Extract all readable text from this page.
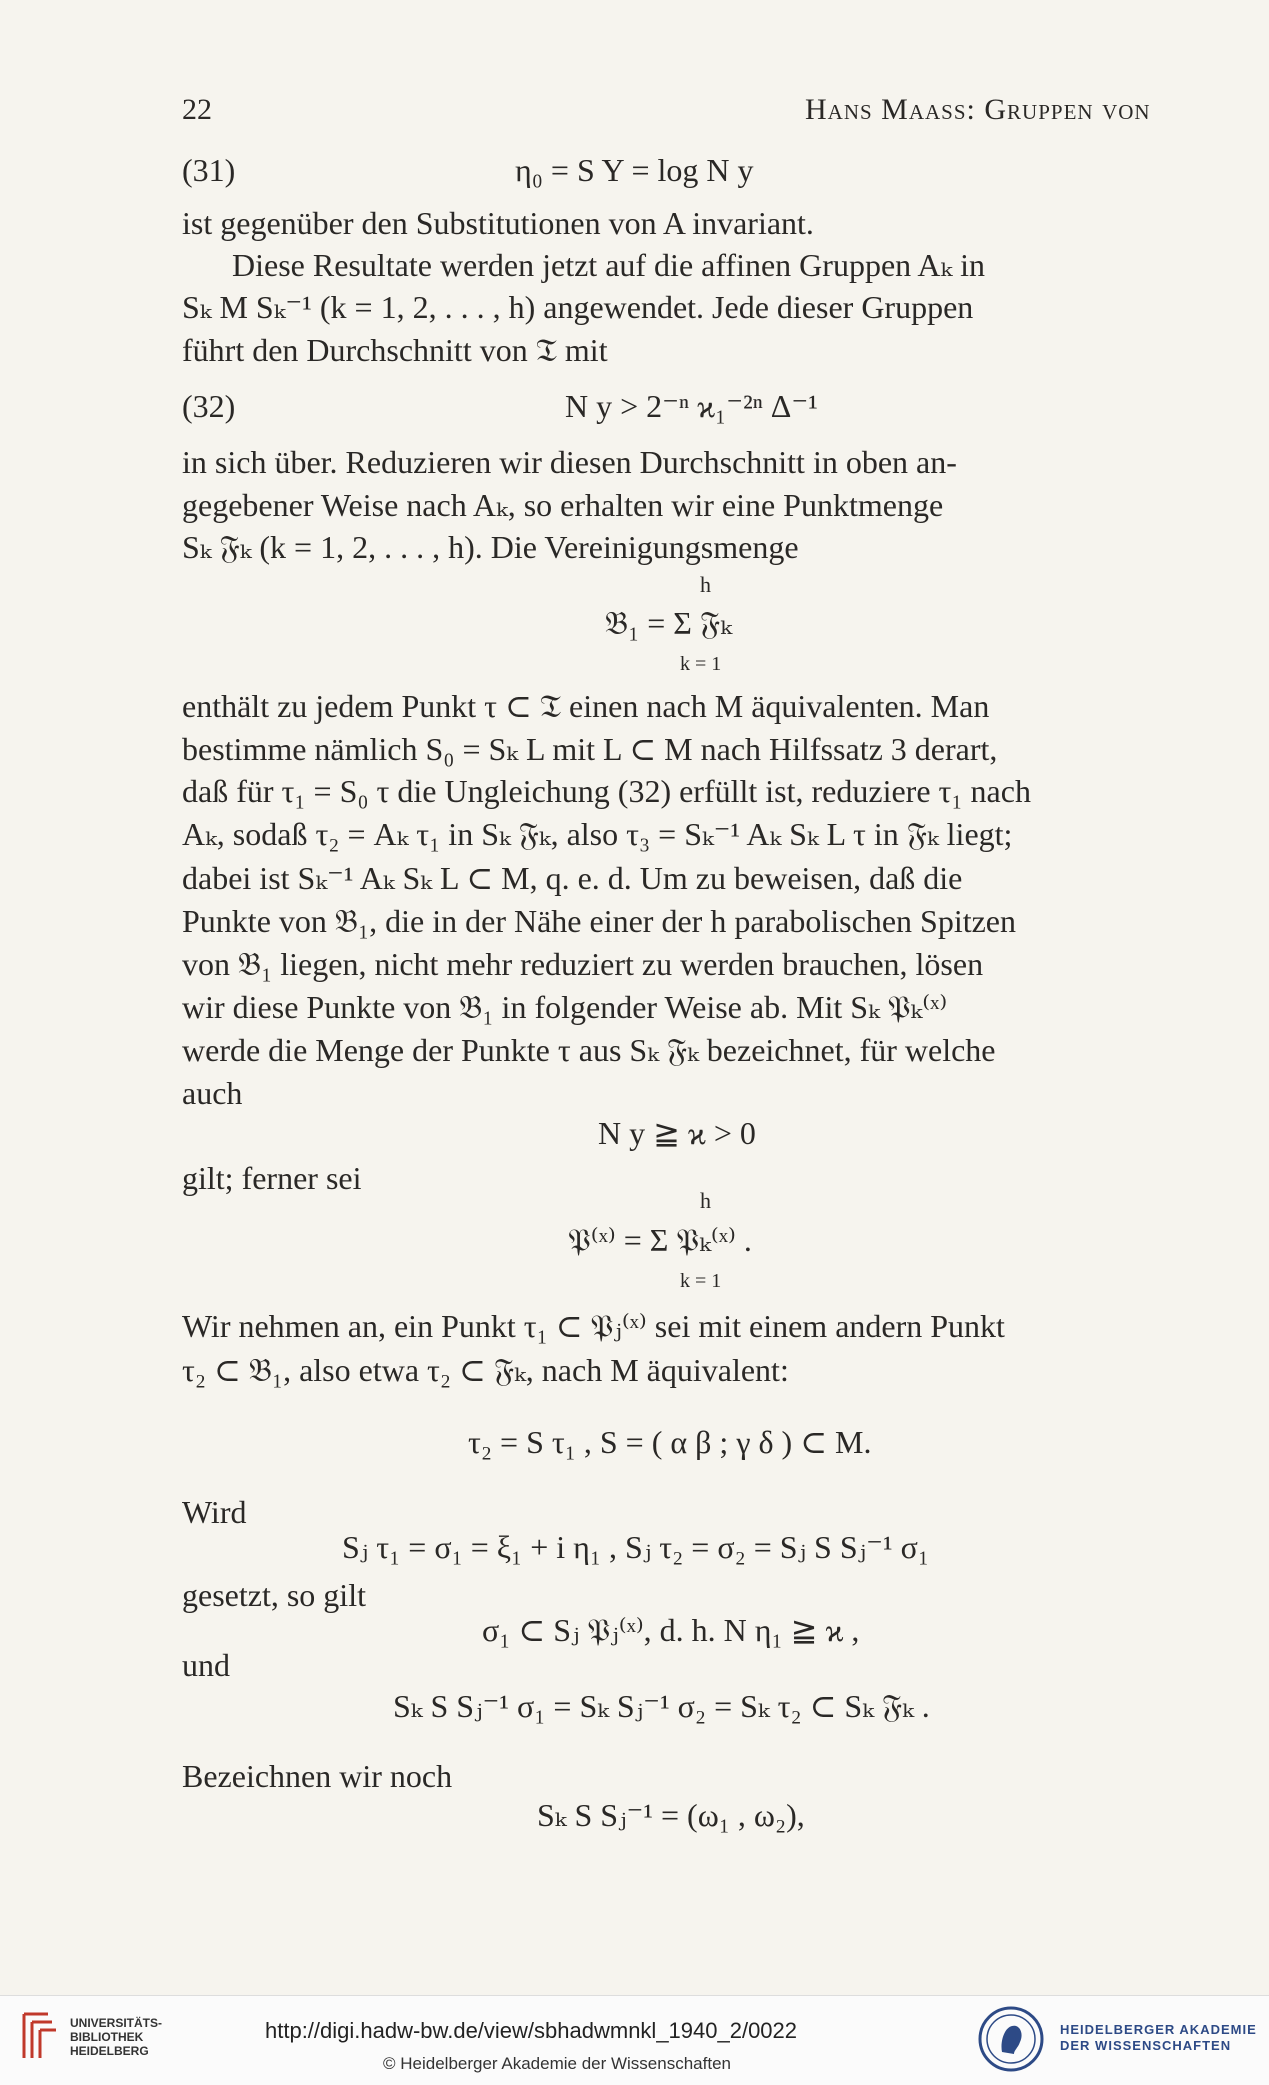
22	Hans Maass: Gruppen von
(31)	η₀ = S Y = log N y
ist gegenüber den Substitutionen von A invariant.
Diese Resultate werden jetzt auf die affinen Gruppen Aₖ in
Sₖ M Sₖ⁻¹ (k = 1, 2, . . . , h) angewendet. Jede dieser Gruppen
führt den Durchschnitt von 𝔗 mit
(32)	N y > 2⁻ⁿ ϰ₁⁻²ⁿ Δ⁻¹
in sich über. Reduzieren wir diesen Durchschnitt in oben an-
gegebener Weise nach Aₖ, so erhalten wir eine Punktmenge
Sₖ 𝔉ₖ (k = 1, 2, . . . , h). Die Vereinigungsmenge
h
𝔅₁ = Σ 𝔉ₖ
k = 1
enthält zu jedem Punkt τ ⊂ 𝔗 einen nach M äquivalenten. Man
bestimme nämlich S₀ = Sₖ L mit L ⊂ M nach Hilfssatz 3 derart,
daß für τ₁ = S₀ τ die Ungleichung (32) erfüllt ist, reduziere τ₁ nach
Aₖ, sodaß τ₂ = Aₖ τ₁ in Sₖ 𝔉ₖ, also τ₃ = Sₖ⁻¹ Aₖ Sₖ L τ in 𝔉ₖ liegt;
dabei ist Sₖ⁻¹ Aₖ Sₖ L ⊂ M, q. e. d. Um zu beweisen, daß die
Punkte von 𝔅₁, die in der Nähe einer der h parabolischen Spitzen
von 𝔅₁ liegen, nicht mehr reduziert zu werden brauchen, lösen
wir diese Punkte von 𝔅₁ in folgender Weise ab. Mit Sₖ 𝔓ₖ⁽ˣ⁾
werde die Menge der Punkte τ aus Sₖ 𝔉ₖ bezeichnet, für welche
auch
N y ≧ ϰ > 0
gilt; ferner sei
h
𝔓⁽ˣ⁾ = Σ 𝔓ₖ⁽ˣ⁾ .
k = 1
Wir nehmen an, ein Punkt τ₁ ⊂ 𝔓ⱼ⁽ˣ⁾ sei mit einem andern Punkt
τ₂ ⊂ 𝔅₁, also etwa τ₂ ⊂ 𝔉ₖ, nach M äquivalent:
τ₂ = S τ₁ , S = ( α β ; γ δ ) ⊂ M.
Wird
Sⱼ τ₁ = σ₁ = ξ₁ + i η₁ , Sⱼ τ₂ = σ₂ = Sⱼ S Sⱼ⁻¹ σ₁
gesetzt, so gilt
σ₁ ⊂ Sⱼ 𝔓ⱼ⁽ˣ⁾, d. h. N η₁ ≧ ϰ ,
und
Sₖ S Sⱼ⁻¹ σ₁ = Sₖ Sⱼ⁻¹ σ₂ = Sₖ τ₂ ⊂ Sₖ 𝔉ₖ .
Bezeichnen wir noch
Sₖ S Sⱼ⁻¹ = (ω₁ , ω₂),
UNIVERSITÄTS-
BIBLIOTHEK
HEIDELBERG
http://digi.hadw-bw.de/view/sbhadwmnkl_1940_2/0022
© Heidelberger Akademie der Wissenschaften
HEIDELBERGER AKADEMIE
DER WISSENSCHAFTEN
